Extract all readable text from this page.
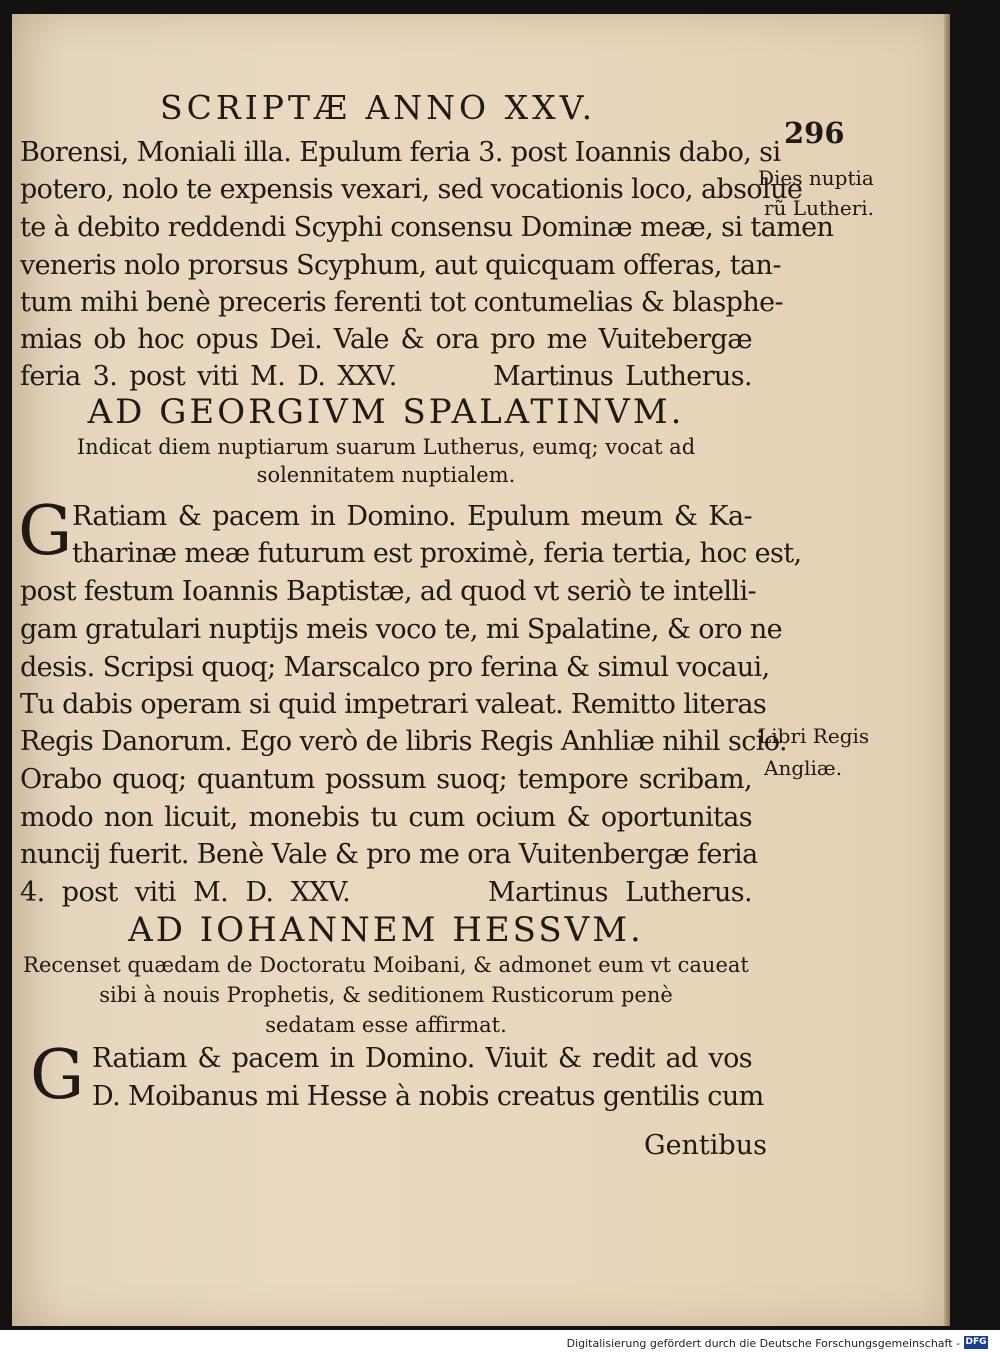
SCRIPTÆ ANNO XXV.
296
Borensi, Moniali illa. Epulum feria 3. post Ioannis dabo, si
potero, nolo te expensis vexari, sed vocationis loco, absolue
te à debito reddendi Scyphi consensu Dominæ meæ, si tamen
veneris nolo prorsus Scyphum, aut quicquam offeras, tan-
tum mihi benè preceris ferenti tot contumelias & blasphe-
mias ob hoc opus Dei. Vale & ora pro me Vuitebergæ
feria 3. post viti M. D. XXV.        Martinus Lutherus.
AD GEORGIVM SPALATINVM.
Indicat diem nuptiarum suarum Lutherus, eumq; vocat ad
solennitatem nuptialem.
G Ratiam & pacem in Domino. Epulum meum & Ka-
tharinæ meæ futurum est proximè, feria tertia, hoc est,
post festum Ioannis Baptistæ, ad quod vt seriò te intelli-
gam gratulari nuptijs meis voco te, mi Spalatine, & oro ne
desis. Scripsi quoq; Marscalco pro ferina & simul vocaui,
Tu dabis operam si quid impetrari valeat. Remitto literas
Regis Danorum. Ego verò de libris Regis Anhliæ nihil scio.
Orabo quoq; quantum possum suoq; tempore scribam,
modo non licuit, monebis tu cum ocium & oportunitas
nuncij fuerit. Benè Vale & pro me ora Vuitenbergæ feria
4. post viti M. D. XXV.        Martinus Lutherus.
AD IOHANNEM HESSVM.
Recenset quædam de Doctoratu Moibani, & admonet eum vt caueat
sibi à nouis Prophetis, & seditionem Rusticorum penè
sedatam esse affirmat.
G Ratiam & pacem in Domino. Viuit & redit ad vos
D. Moibanus mi Hesse à nobis creatus gentilis cum
Gentibus
Dies nuptia
rũ Lutheri.
Libri Regis
Angliæ.
Digitalisierung gefördert durch die Deutsche Forschungsgemeinschaft - DFG
